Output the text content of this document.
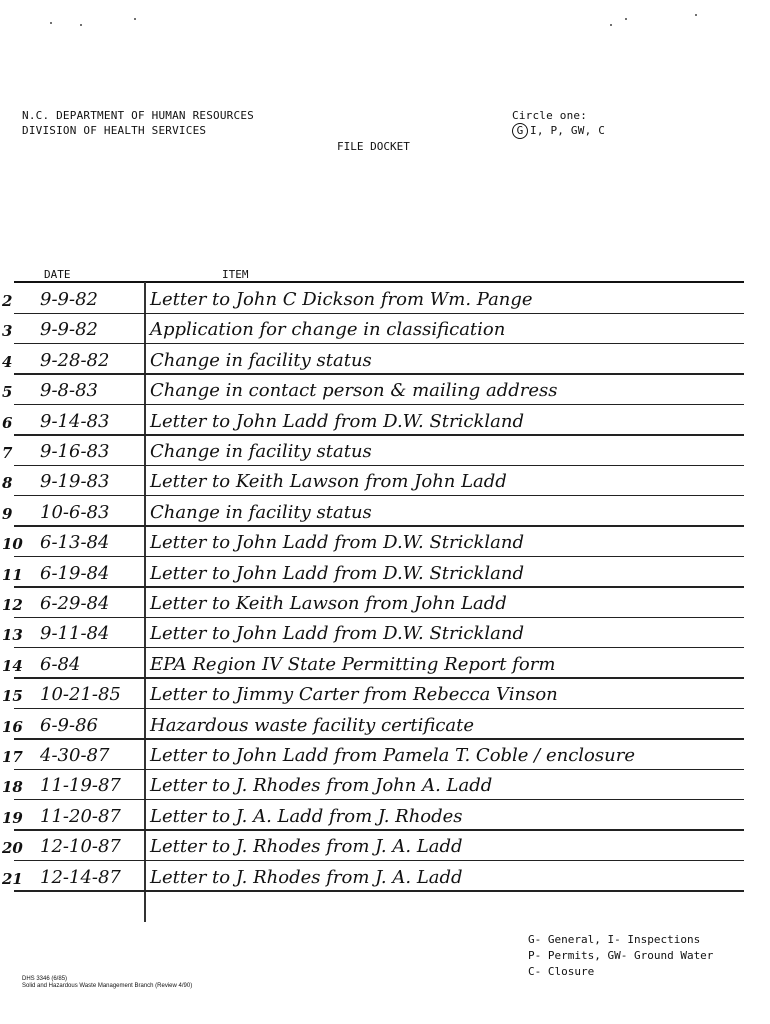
N.C. DEPARTMENT OF HUMAN RESOURCES
DIVISION OF HEALTH SERVICES
Circle one:
G I, P, GW, C
FILE DOCKET
DATE	ITEM
2 9-9-82	Letter to John C Dickson from Wm. Pange
3 9-9-82	Application for change in classification
4 9-28-82 Change in facility status
5 9-8-83	Change in contact person & mailing address
6 9-14-83 Letter to John Ladd from D.W. Strickland
7 9-16-83 Change in facility status
8 9-19-83 Letter to Keith Lawson from John Ladd
9 10-6-83 Change in facility status
10 6-13-84 Letter to John Ladd from D.W. Strickland
11 6-19-84 Letter to John Ladd from D.W. Strickland
12 6-29-84 Letter to Keith Lawson from John Ladd
13 9-11-84 Letter to John Ladd from D.W. Strickland
14 6-84	EPA Region IV State Permitting Report form
15 10-21-85 Letter to Jimmy Carter from Rebecca Vinson
16 6-9-86	Hazardous waste facility certificate
17 4-30-87 Letter to John Ladd from Pamela T. Coble / enclosure
18 11-19-87 Letter to J. Rhodes from John A. Ladd
19 11-20-87 Letter to J. A. Ladd from J. Rhodes
20 12-10-87 Letter to J. Rhodes from J. A. Ladd
21 12-14-87 Letter to J. Rhodes from J. A. Ladd
G- General, I- Inspections
P- Permits, GW- Ground Water
C- Closure
DHS 3346 (6/85)
Solid and Hazardous Waste Management Branch (Review 4/90)
